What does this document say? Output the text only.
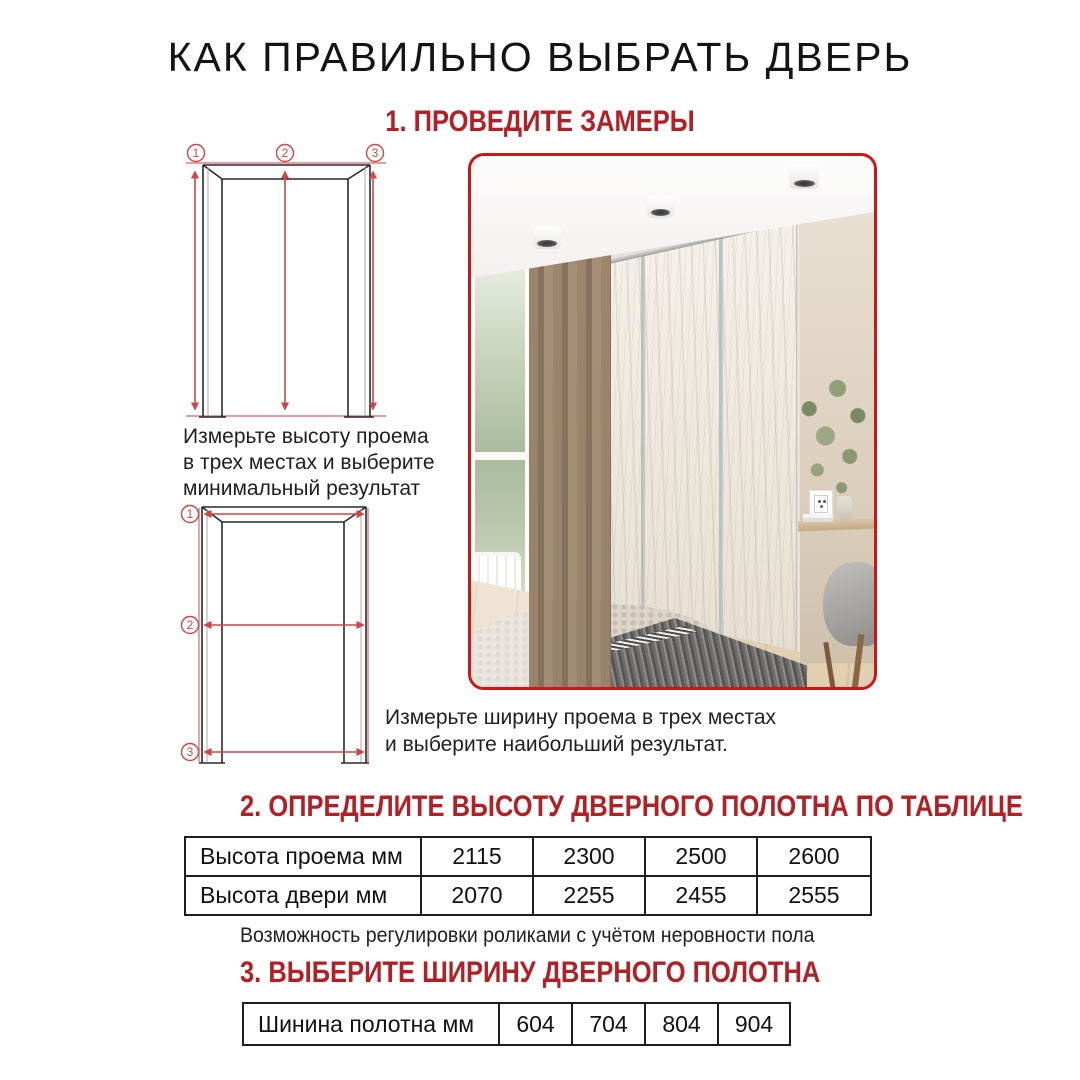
КАК ПРАВИЛЬНО ВЫБРАТЬ ДВЕРЬ
1. ПРОВЕДИТЕ ЗАМЕРЫ
1	2	3
Измерьте высоту проема
в трех местах и выберите
минимальный результат
1
2
3
Измерьте ширину проема в трех местах
и выберите наибольший результат.
2. ОПРЕДЕЛИТЕ ВЫСОТУ ДВЕРНОГО ПОЛОТНА ПО ТАБЛИЦЕ
Высота проема мм	2115	2300	2500	2600
Высота двери мм	2070	2255	2455	2555
Возможность регулировки роликами с учётом неровности пола
3. ВЫБЕРИТЕ ШИРИНУ ДВЕРНОГО ПОЛОТНА
Шинина полотна мм	604	704	804	904
